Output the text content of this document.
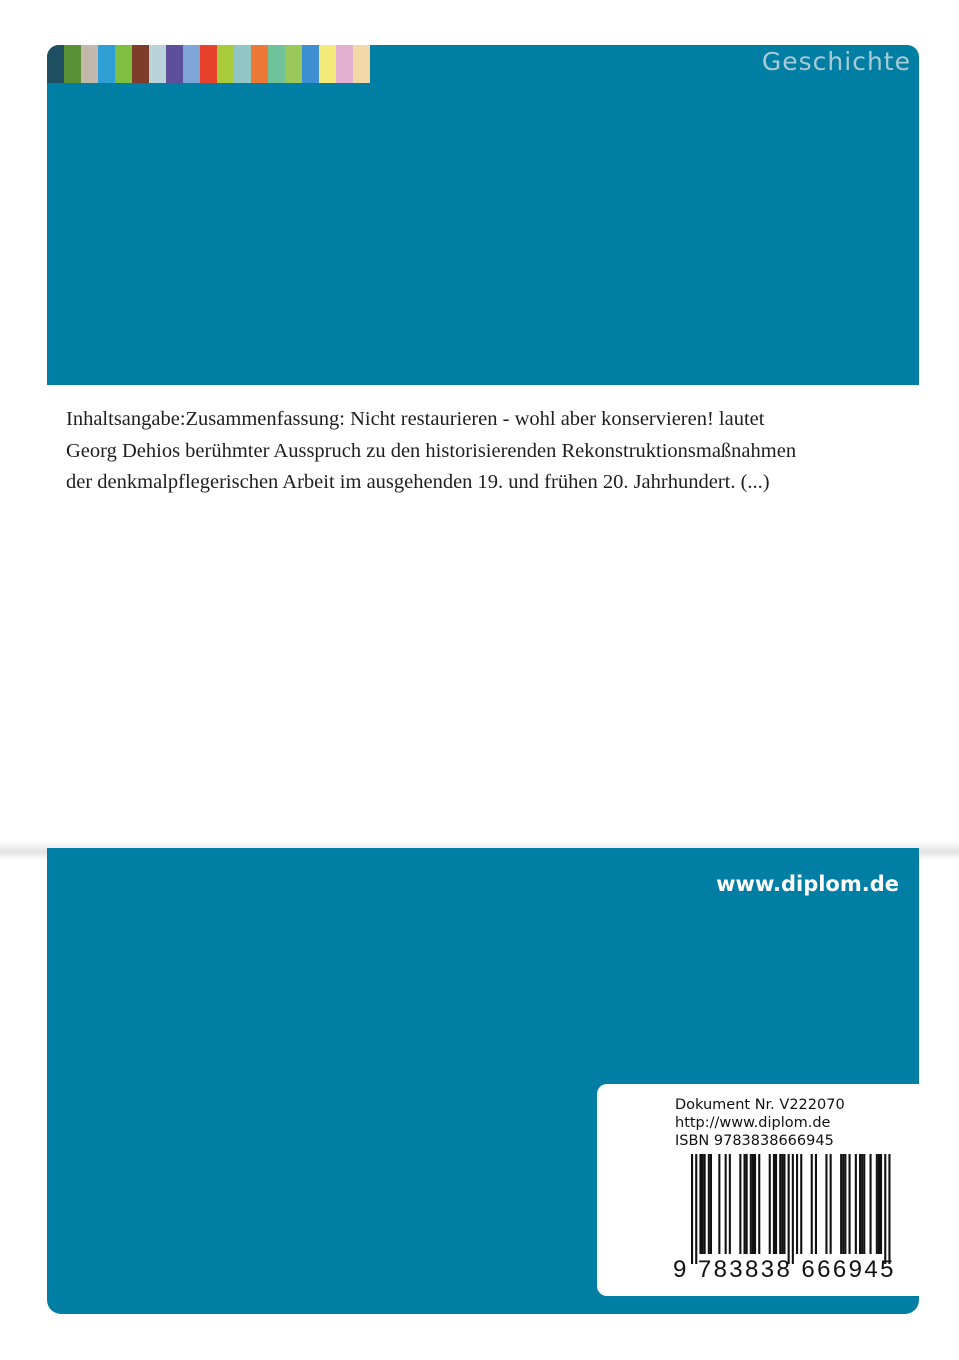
Geschichte

Inhaltsangabe:Zusammenfassung: Nicht restaurieren - wohl aber konservieren! lautet
Georg Dehios berühmter Ausspruch zu den historisierenden Rekonstruktionsmaßnahmen
der denkmalpflegerischen Arbeit im ausgehenden 19. und frühen 20. Jahrhundert. (...)

www.diplom.de
Dokument Nr. V222070
http://www.diplom.de
ISBN 9783838666945
9 783838 666945
